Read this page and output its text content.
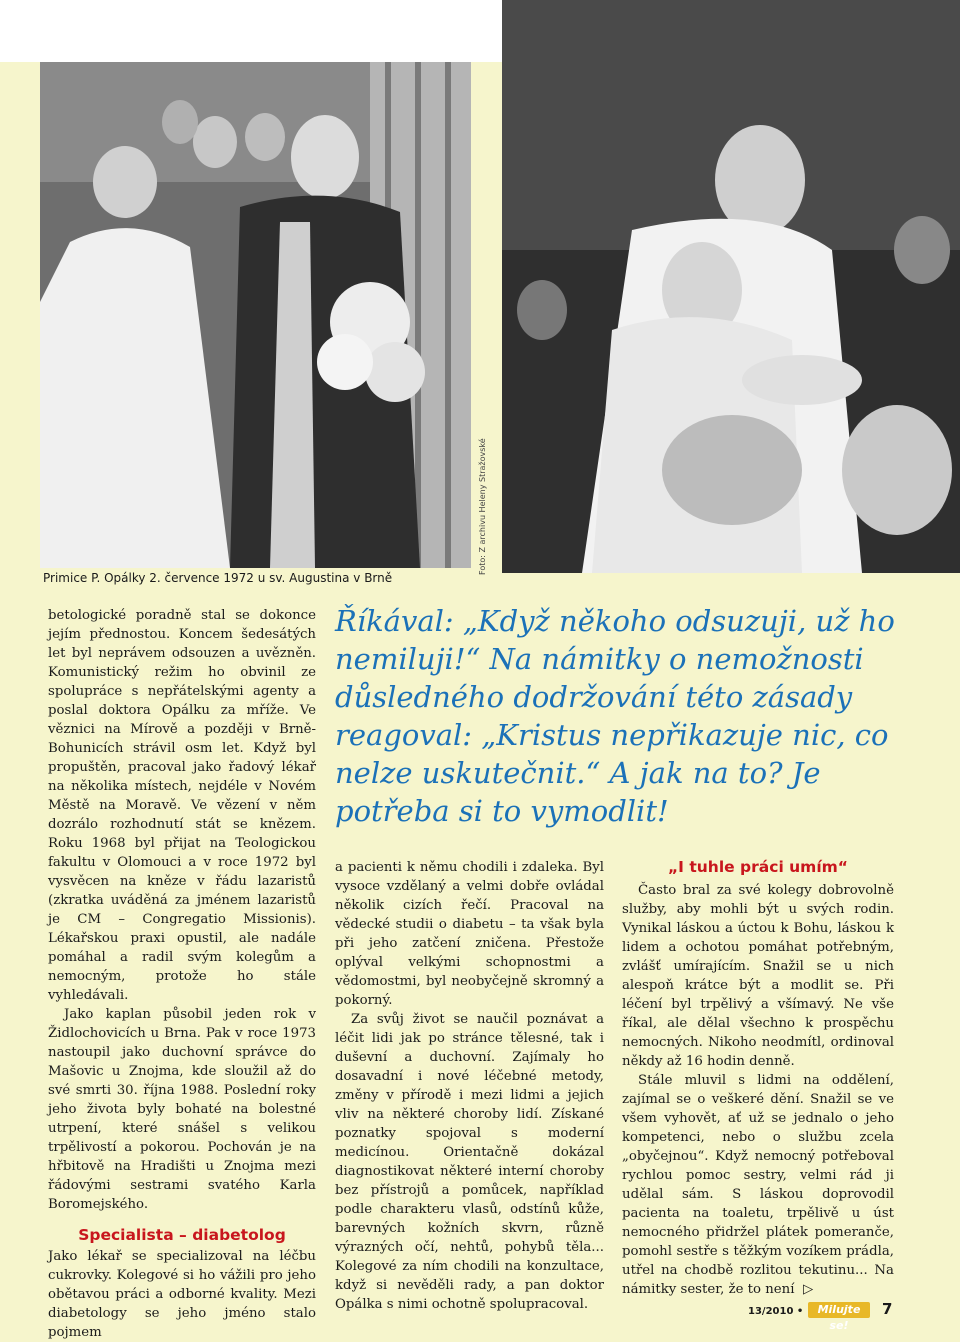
Primice P. Opálky 2. července 1972 u sv. Augustina v Brně
Foto: Z archivu Heleny Stražovské

betologické poradně stal se dokonce jejím přednostou. Koncem šedesátých let byl neprávem odsouzen a uvězněn. Komunistický režim ho obvinil ze spolupráce s nepřátelskými agenty a poslal doktora Opálku za mříže. Ve věznici na Mírově a později v Brně-Bohunicích strávil osm let. Když byl propuštěn, pracoval jako řadový lékař na několika místech, nejdéle v Novém Městě na Moravě. Ve vězení v něm dozrálo rozhodnutí stát se knězem. Roku 1968 byl přijat na Teologickou fakultu v Olomouci a v roce 1972 byl vysvěcen na kněze v řádu lazaristů (zkratka uváděná za jménem lazaristů je CM – Congregatio Missionis). Lékařskou praxi opustil, ale nadále pomáhal a radil svým kolegům a nemocným, protože ho stále vyhledávali.

Jako kaplan působil jeden rok v Židlochovicích u Brna. Pak v roce 1973 nastoupil jako duchovní správce do Mašovic u Znojma, kde sloužil až do své smrti 30. října 1988. Poslední roky jeho života byly bohaté na bolestné utrpení, které snášel s velikou trpělivostí a pokorou. Pochován je na hřbitově na Hradišti u Znojma mezi řádovými sestrami svatého Karla Boromejského.

Specialista – diabetolog

Jako lékař se specializoval na léčbu cukrovky. Kolegové si ho vážili pro jeho obětavou práci a odborné kvality. Mezi diabetology se jeho jméno stalo pojmem

Říkával: „Když někoho odsuzuji, už ho nemiluji!“ Na námitky o nemožnosti důsledného dodržování této zásady reagoval: „Kristus nepřikazuje nic, co nelze uskutečnit.“ A jak na to? Je potřeba si to vymodlit!

a pacienti k němu chodili i zdaleka. Byl vysoce vzdělaný a velmi dobře ovládal několik cizích řečí. Pracoval na vědecké studii o diabetu – ta však byla při jeho zatčení zničena. Přestože oplýval velkými schopnostmi a vědomostmi, byl neobyčejně skromný a pokorný.

Za svůj život se naučil poznávat a léčit lidi jak po stránce tělesné, tak i duševní a duchovní. Zajímaly ho dosavadní i nové léčebné metody, změny v přírodě i mezi lidmi a jejich vliv na některé choroby lidí. Získané poznatky spojoval s moderní medicínou. Orientačně dokázal diagnostikovat některé interní choroby bez přístrojů a pomůcek, například podle charakteru vlasů, odstínů kůže, barevných kožních skvrn, různě výrazných očí, nehtů, pohybů těla... Kolegové za ním chodili na konzultace, když si nevěděli rady, a pan doktor Opálka s nimi ochotně spolupracoval.

„I tuhle práci umím“

Často bral za své kolegy dobrovolně služby, aby mohli být u svých rodin. Vynikal láskou a úctou k Bohu, láskou k lidem a ochotou pomáhat potřebným, zvlášť umírajícím. Snažil se u nich alespoň krátce být a modlit se. Při léčení byl trpělivý a všímavý. Ne vše říkal, ale dělal všechno k prospěchu nemocných. Nikoho neodmítl, ordinoval někdy až 16 hodin denně.

Stále mluvil s lidmi na oddělení, zajímal se o veškeré dění. Snažil se ve všem vyhovět, ať už se jednalo o jeho kompetenci, nebo o službu zcela „obyčejnou“. Když nemocný potřeboval rychlou pomoc sestry, velmi rád ji udělal sám. S láskou doprovodil pacienta na toaletu, trpělivě u úst nemocného přidržel plátek pomeranče, pomohl sestře s těžkým vozíkem prádla, utřel na chodbě rozlitou tekutinu... Na námitky sester, že to není ▷

13/2010 •	Milujte se!
7
